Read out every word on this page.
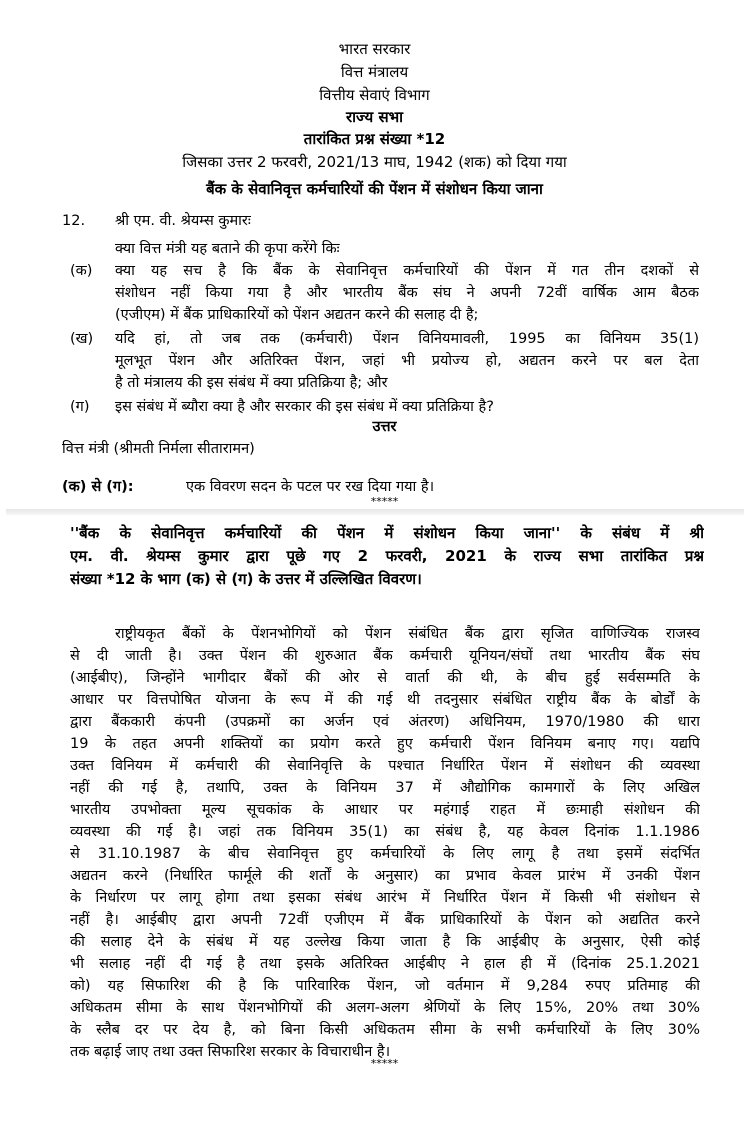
भारत सरकार
वित्त मंत्रालय
वित्तीय सेवाएं विभाग
राज्य सभा
तारांकित प्रश्न संख्या *12
जिसका उत्तर 2 फरवरी, 2021/13 माघ, 1942 (शक) को दिया गया
बैंक के सेवानिवृत्त कर्मचारियों की पेंशन में संशोधन किया जाना
12. श्री एम. वी. श्रेयम्स कुमारः
क्या वित्त मंत्री यह बताने की कृपा करेंगे किः
(क) क्या यह सच है कि बैंक के सेवानिवृत्त कर्मचारियों की पेंशन में गत तीन दशकों से
संशोधन नहीं किया गया है और भारतीय बैंक संघ ने अपनी 72वीं वार्षिक आम बैठक
(एजीएम) में बैंक प्राधिकारियों को पेंशन अद्यतन करने की सलाह दी है;
(ख) यदि हां, तो जब तक (कर्मचारी) पेंशन विनियमावली, 1995 का विनियम 35(1)
मूलभूत पेंशन और अतिरिक्त पेंशन, जहां भी प्रयोज्य हो, अद्यतन करने पर बल देता
है तो मंत्रालय की इस संबंध में क्या प्रतिक्रिया है; और
(ग) इस संबंध में ब्यौरा क्या है और सरकार की इस संबंध में क्या प्रतिक्रिया है?
उत्तर
वित्त मंत्री (श्रीमती निर्मला सीतारामन)
(क) से (ग):	एक विवरण सदन के पटल पर रख दिया गया है।
*****
''बैंक के सेवानिवृत्त कर्मचारियों की पेंशन में संशोधन किया जाना'' के संबंध में श्री
एम. वी. श्रेयम्स कुमार द्वारा पूछे गए 2 फरवरी, 2021 के राज्य सभा तारांकित प्रश्न
संख्या *12 के भाग (क) से (ग) के उत्तर में उल्लिखित विवरण।
राष्ट्रीयकृत बैंकों के पेंशनभोगियों को पेंशन संबंधित बैंक द्वारा सृजित वाणिज्यिक राजस्व
से दी जाती है। उक्त पेंशन की शुरुआत बैंक कर्मचारी यूनियन/संघों तथा भारतीय बैंक संघ
(आईबीए), जिन्होंने भागीदार बैंकों की ओर से वार्ता की थी, के बीच हुई सर्वसम्मति के
आधार पर वित्तपोषित योजना के रूप में की गई थी तदनुसार संबंधित राष्ट्रीय बैंक के बोर्डों के
द्वारा बैंककारी कंपनी (उपक्रमों का अर्जन एवं अंतरण) अधिनियम, 1970/1980 की धारा
19 के तहत अपनी शक्तियों का प्रयोग करते हुए कर्मचारी पेंशन विनियम बनाए गए। यद्यपि
उक्त विनियम में कर्मचारी की सेवानिवृत्ति के पश्चात निर्धारित पेंशन में संशोधन की व्यवस्था
नहीं की गई है, तथापि, उक्त के विनियम 37 में औद्योगिक कामगारों के लिए अखिल
भारतीय उपभोक्ता मूल्य सूचकांक के आधार पर महंगाई राहत में छःमाही संशोधन की
व्यवस्था की गई है। जहां तक विनियम 35(1) का संबंध है, यह केवल दिनांक 1.1.1986
से 31.10.1987 के बीच सेवानिवृत्त हुए कर्मचारियों के लिए लागू है तथा इसमें संदर्भित
अद्यतन करने (निर्धारित फार्मूले की शर्तों के अनुसार) का प्रभाव केवल प्रारंभ में उनकी पेंशन
के निर्धारण पर लागू होगा तथा इसका संबंध आरंभ में निर्धारित पेंशन में किसी भी संशोधन से
नहीं है। आईबीए द्वारा अपनी 72वीं एजीएम में बैंक प्राधिकारियों के पेंशन को अद्यतित करने
की सलाह देने के संबंध में यह उल्लेख किया जाता है कि आईबीए के अनुसार, ऐसी कोई
भी सलाह नहीं दी गई है तथा इसके अतिरिक्त आईबीए ने हाल ही में (दिनांक 25.1.2021
को) यह सिफारिश की है कि पारिवारिक पेंशन, जो वर्तमान में 9,284 रुपए प्रतिमाह की
अधिकतम सीमा के साथ पेंशनभोगियों की अलग-अलग श्रेणियों के लिए 15%, 20% तथा 30%
के स्लैब दर पर देय है, को बिना किसी अधिकतम सीमा के सभी कर्मचारियों के लिए 30%
तक बढ़ाई जाए तथा उक्त सिफारिश सरकार के विचाराधीन है।
*****
